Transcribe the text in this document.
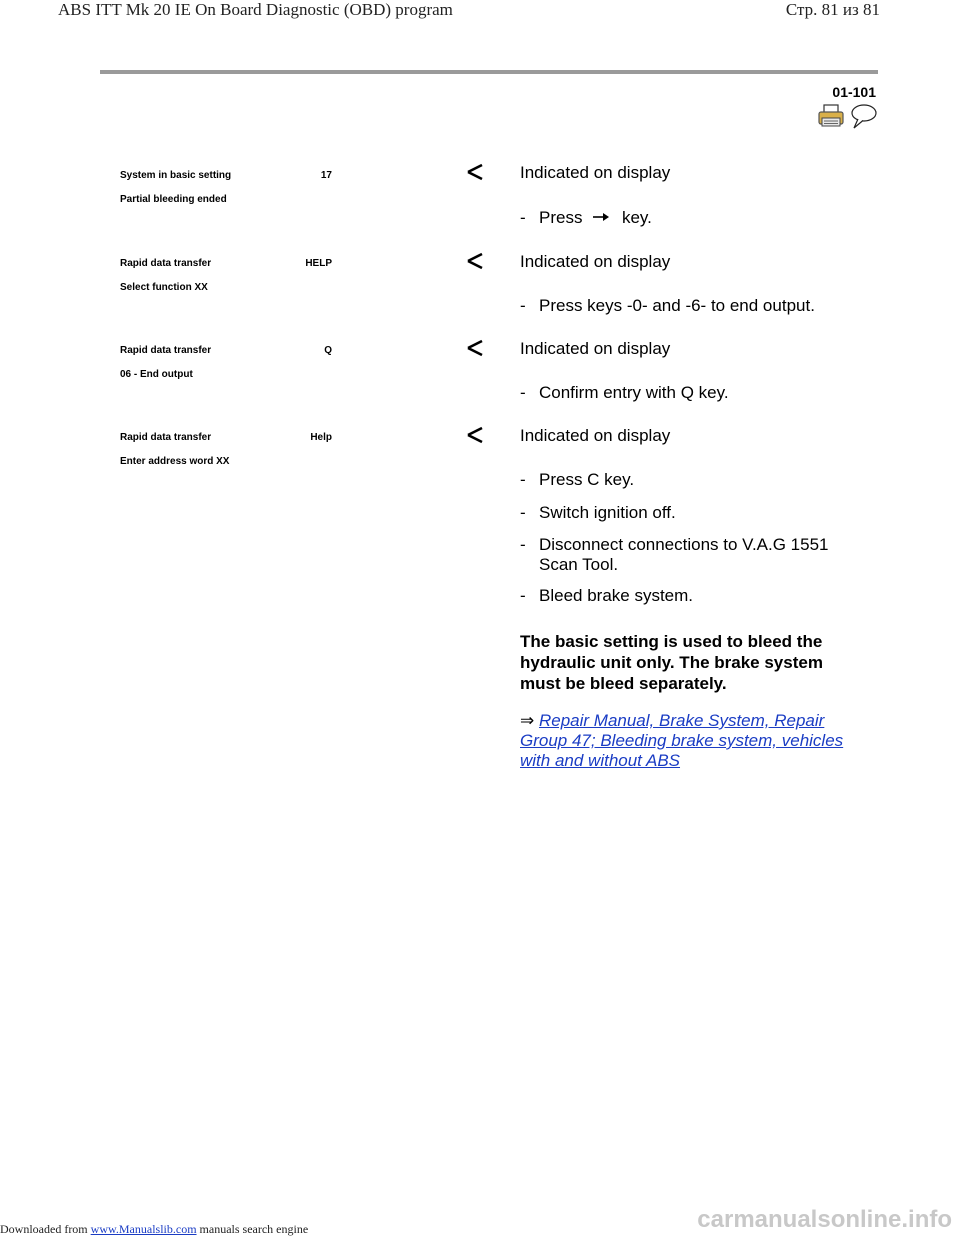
ABS ITT Mk 20 IE On Board Diagnostic (OBD) program	Стр. 81 из 81
01-101
System in basic setting	17
Partial bleeding ended
Indicated on display
- Press key.
Rapid data transfer	HELP
Select function XX
Indicated on display
- Press keys -0- and -6- to end output.
Rapid data transfer	Q
06 - End output
Indicated on display
- Confirm entry with Q key.
Rapid data transfer	Help
Enter address word XX
Indicated on display
- Press C key.
- Switch ignition off.
- Disconnect connections to V.A.G 1551
Scan Tool.
- Bleed brake system.
The basic setting is used to bleed the
hydraulic unit only. The brake system
must be bleed separately.
⇒ Repair Manual, Brake System, Repair
Group 47; Bleeding brake system, vehicles
with and without ABS
Downloaded from www.Manualslib.com manuals search engine	carmanualsonline.info
